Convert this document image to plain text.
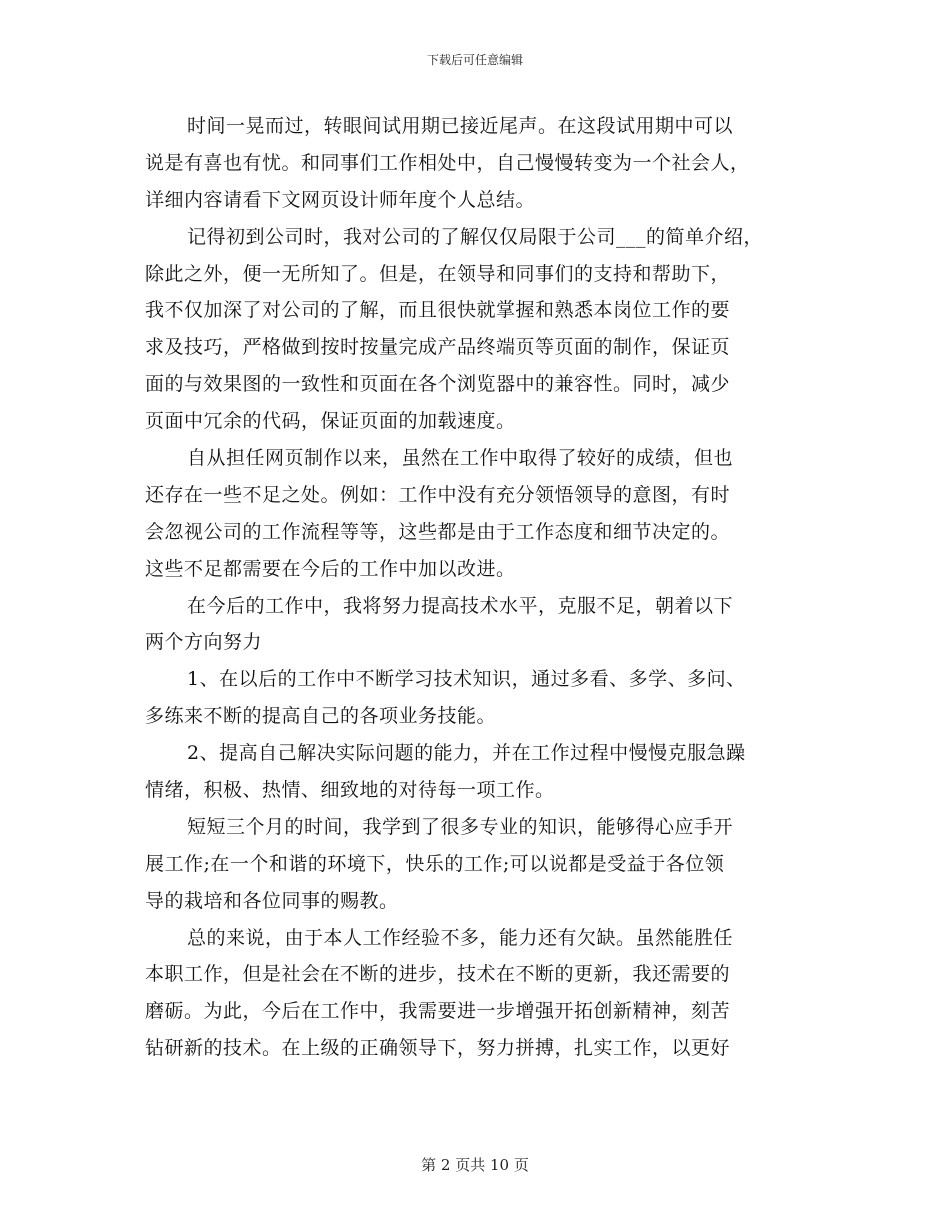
下载后可任意编辑
时间一晃而过，转眼间试用期已接近尾声。在这段试用期中可以
说是有喜也有忧。和同事们工作相处中，自己慢慢转变为一个社会人，
详细内容请看下文网页设计师年度个人总结。
记得初到公司时，我对公司的了解仅仅局限于公司___的简单介绍，
除此之外，便一无所知了。但是，在领导和同事们的支持和帮助下，
我不仅加深了对公司的了解，而且很快就掌握和熟悉本岗位工作的要
求及技巧，严格做到按时按量完成产品终端页等页面的制作，保证页
面的与效果图的一致性和页面在各个浏览器中的兼容性。同时，减少
页面中冗余的代码，保证页面的加载速度。
自从担任网页制作以来，虽然在工作中取得了较好的成绩，但也
还存在一些不足之处。例如：工作中没有充分领悟领导的意图，有时
会忽视公司的工作流程等等，这些都是由于工作态度和细节决定的。
这些不足都需要在今后的工作中加以改进。
在今后的工作中，我将努力提高技术水平，克服不足，朝着以下
两个方向努力
1、在以后的工作中不断学习技术知识，通过多看、多学、多问、
多练来不断的提高自己的各项业务技能。
2、提高自己解决实际问题的能力，并在工作过程中慢慢克服急躁
情绪，积极、热情、细致地的对待每一项工作。
短短三个月的时间，我学到了很多专业的知识，能够得心应手开
展工作;在一个和谐的环境下，快乐的工作;可以说都是受益于各位领
导的栽培和各位同事的赐教。
总的来说，由于本人工作经验不多，能力还有欠缺。虽然能胜任
本职工作，但是社会在不断的进步，技术在不断的更新，我还需要的
磨砺。为此，今后在工作中，我需要进一步增强开拓创新精神，刻苦
钻研新的技术。在上级的正确领导下，努力拼搏，扎实工作，以更好
第 2 页共 10 页
